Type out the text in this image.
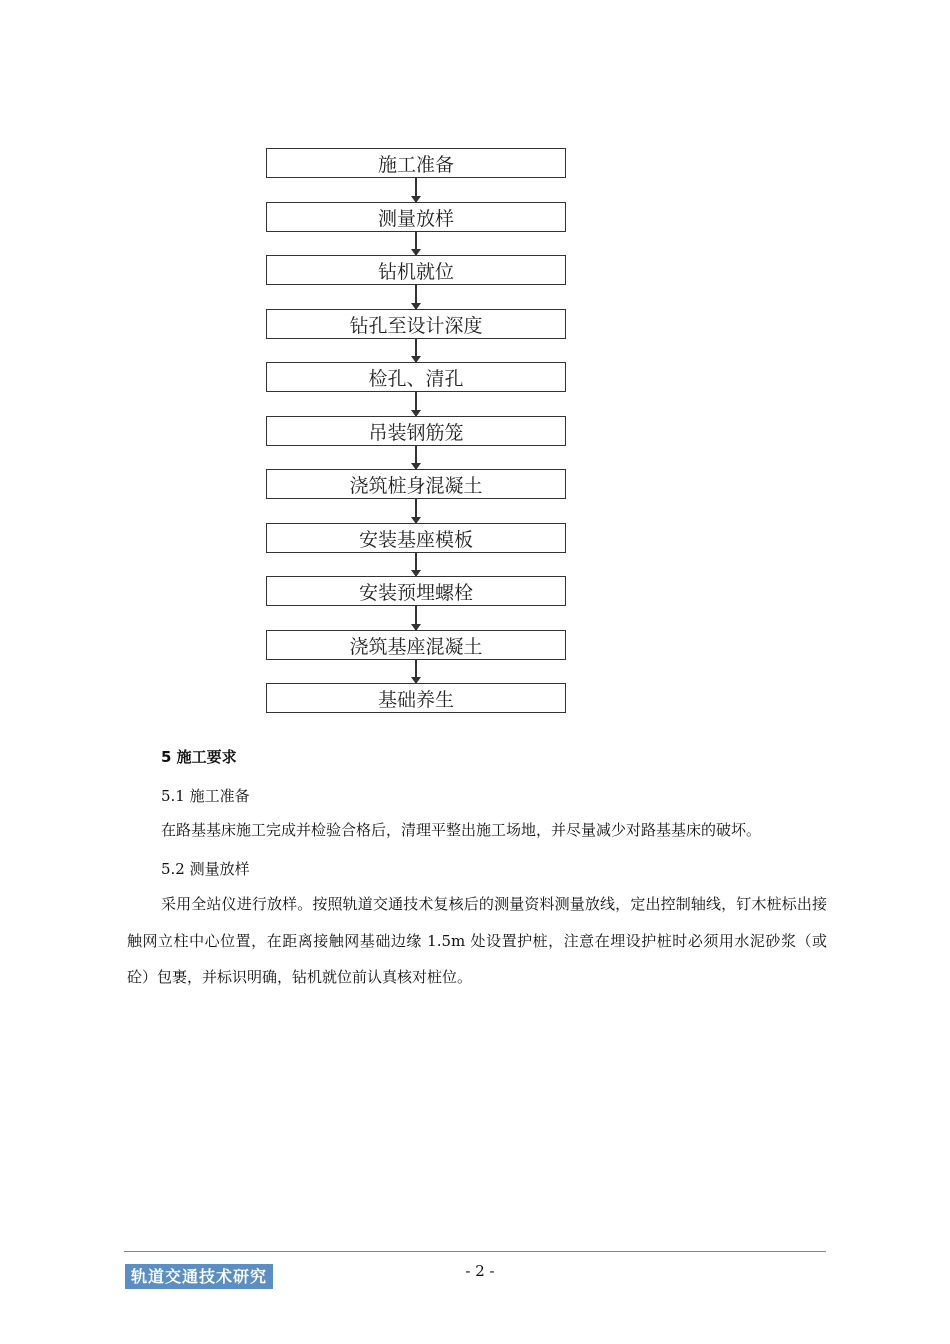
施工准备
测量放样
钻机就位
钻孔至设计深度
检孔、清孔
吊装钢筋笼
浇筑桩身混凝土
安装基座模板
安装预埋螺栓
浇筑基座混凝土
基础养生
5 施工要求
5.1 施工准备
在路基基床施工完成并检验合格后，清理平整出施工场地，并尽量减少对路基基床的破坏。
5.2 测量放样
采用全站仪进行放样。按照轨道交通技术复核后的测量资料测量放线，定出控制轴线，钉木桩标出接触网立柱中心位置，在距离接触网基础边缘 1.5m 处设置护桩，注意在埋设护桩时必须用水泥砂浆（或砼）包裹，并标识明确，钻机就位前认真核对桩位。
轨道交通技术研究	- 2 -
